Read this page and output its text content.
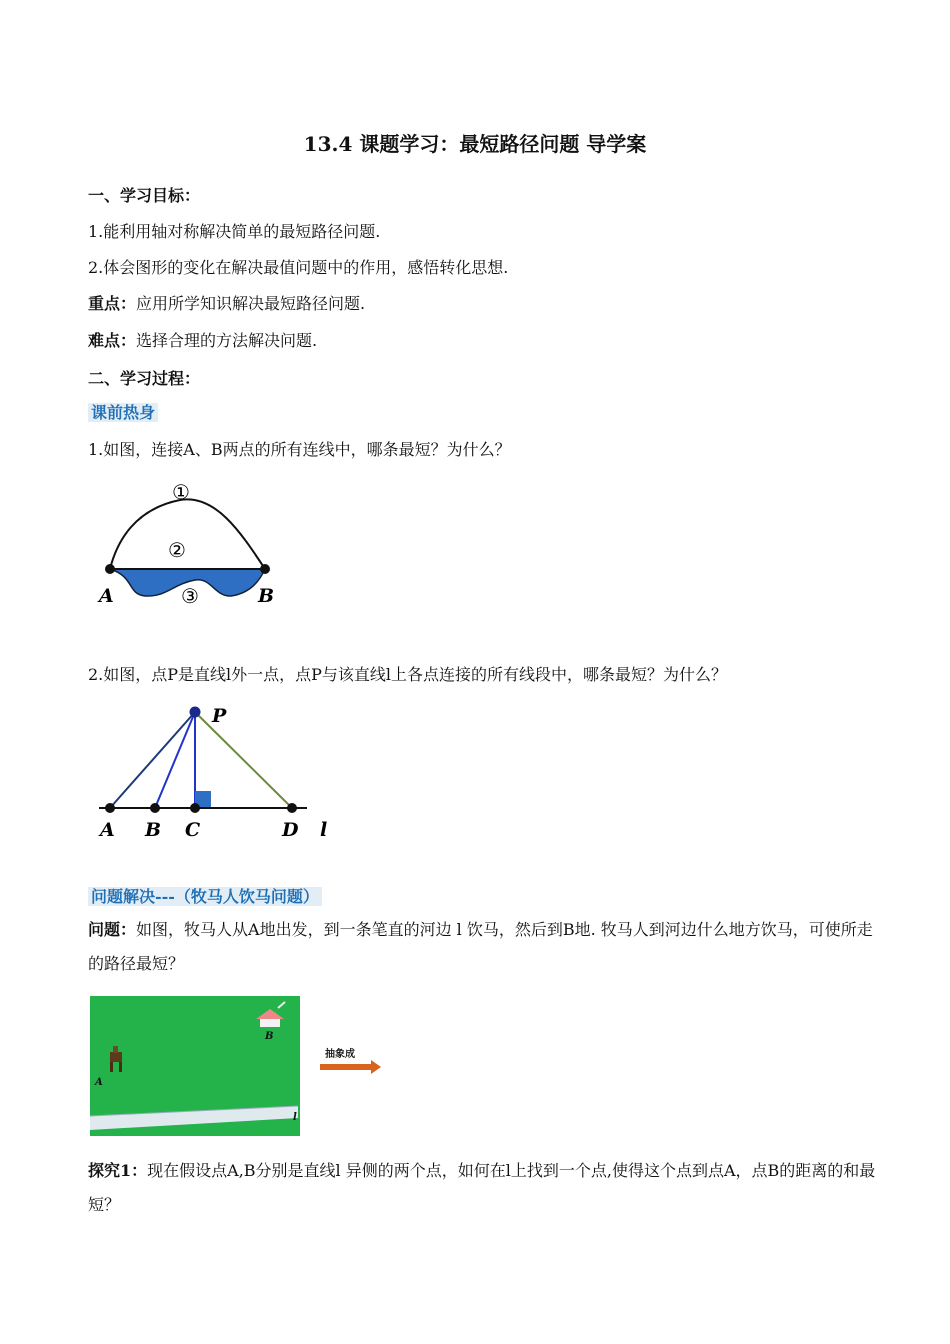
13.4 课题学习：最短路径问题 导学案
一、学习目标：
1.能利用轴对称解决简单的最短路径问题.
2.体会图形的变化在解决最值问题中的作用，感悟转化思想.
重点：应用所学知识解决最短路径问题.
难点：选择合理的方法解决问题.
二、学习过程：
课前热身
1.如图，连接A、B两点的所有连线中，哪条最短？为什么？
①
②
③
A	B
2.如图，点P是直线l外一点，点P与该直线l上各点连接的所有线段中，哪条最短？为什么？
P
A B C	D l
问题解决---（牧马人饮马问题）
问题：如图，牧马人从A地出发，到一条笔直的河边 l 饮马，然后到B地. 牧马人到河边什么地方饮马，可使所走的路径最短？
l
A
B
抽象成
探究1：现在假设点A,B分别是直线l 异侧的两个点，如何在l上找到一个点,使得这个点到点A，点B的距离的和最短？
